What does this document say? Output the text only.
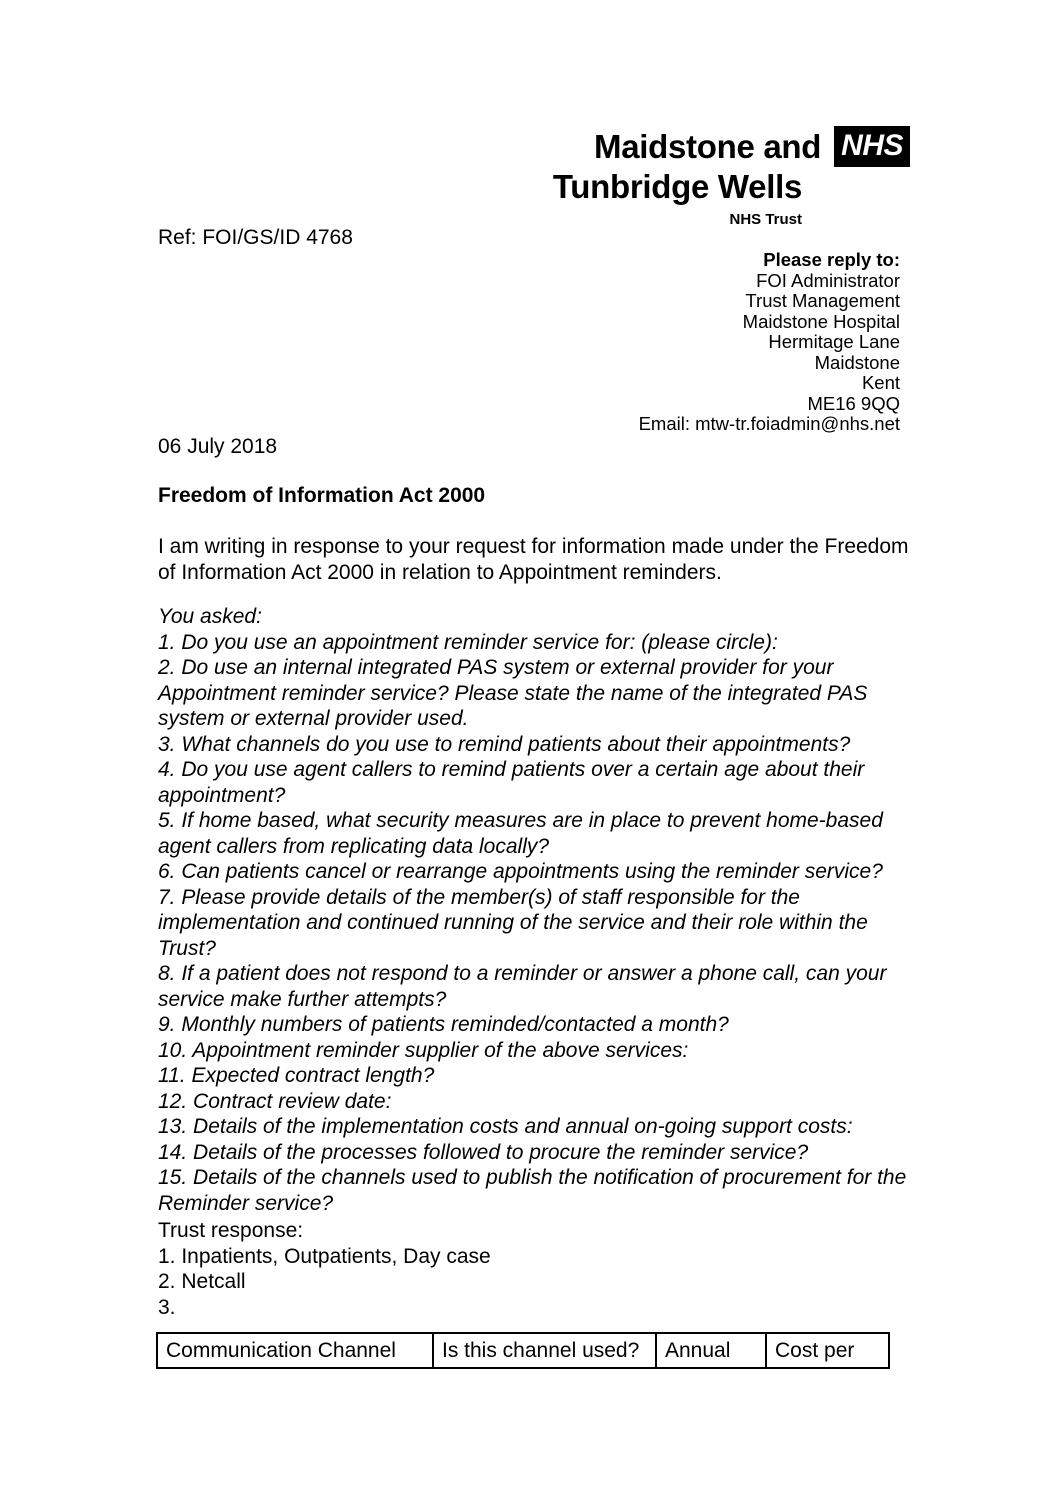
Maidstone and NHS
Tunbridge Wells
NHS Trust
Ref: FOI/GS/ID 4768
Please reply to:
FOI Administrator
Trust Management
Maidstone Hospital
Hermitage Lane
Maidstone
Kent
ME16 9QQ
Email: mtw-tr.foiadmin@nhs.net
06 July 2018
Freedom of Information Act 2000

I am writing in response to your request for information made under the Freedom of Information Act 2000 in relation to Appointment reminders.

You asked:

1. Do you use an appointment reminder service for: (please circle):

2. Do use an internal integrated PAS system or external provider for your Appointment reminder service? Please state the name of the integrated PAS system or external provider used.

3. What channels do you use to remind patients about their appointments?

4. Do you use agent callers to remind patients over a certain age about their appointment?

5. If home based, what security measures are in place to prevent home-based agent callers from replicating data locally?

6. Can patients cancel or rearrange appointments using the reminder service?

7. Please provide details of the member(s) of staff responsible for the implementation and continued running of the service and their role within the Trust?

8. If a patient does not respond to a reminder or answer a phone call, can your service make further attempts?

9. Monthly numbers of patients reminded/contacted a month?

10. Appointment reminder supplier of the above services:

11. Expected contract length?

12. Contract review date:

13. Details of the implementation costs and annual on-going support costs:

14. Details of the processes followed to procure the reminder service?

15. Details of the channels used to publish the notification of procurement for the Reminder service?

Trust response:

1. Inpatients, Outpatients, Day case

2. Netcall

3.

Communication Channel	Is this channel used?	Annual	Cost per
